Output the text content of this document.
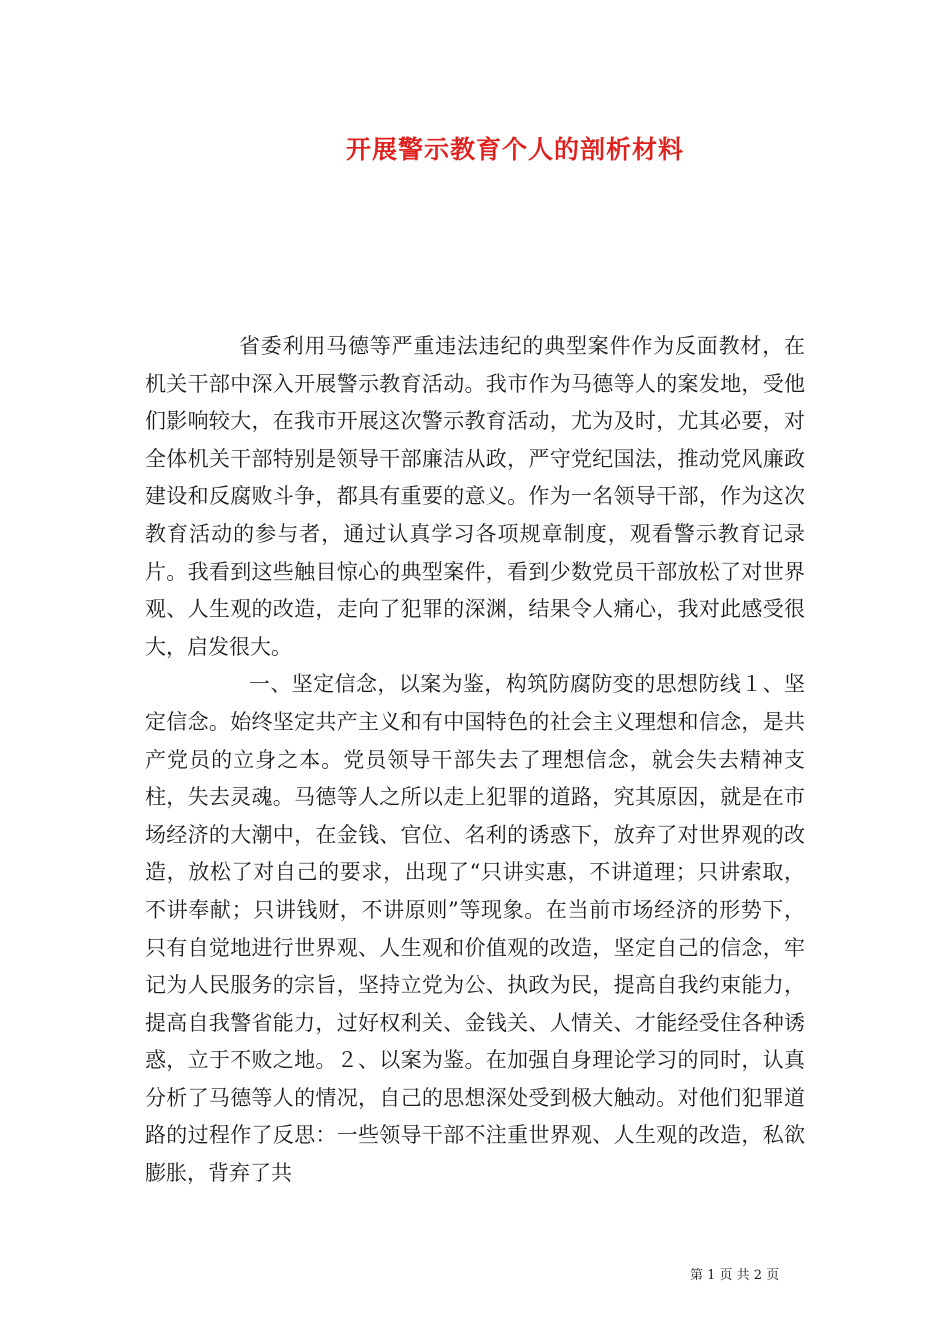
开展警示教育个人的剖析材料

省委利用马德等严重违法违纪的典型案件作为反面教材，在机关干部中深入开展警示教育活动。我市作为马德等人的案发地，受他们影响较大，在我市开展这次警示教育活动，尤为及时，尤其必要，对全体机关干部特别是领导干部廉洁从政，严守党纪国法，推动党风廉政建设和反腐败斗争，都具有重要的意义。作为一名领导干部，作为这次教育活动的参与者，通过认真学习各项规章制度，观看警示教育记录片。我看到这些触目惊心的典型案件，看到少数党员干部放松了对世界观、人生观的改造，走向了犯罪的深渊，结果令人痛心，我对此感受很大，启发很大。

一、坚定信念，以案为鉴，构筑防腐防变的思想防线１、坚定信念。始终坚定共产主义和有中国特色的社会主义理想和信念，是共产党员的立身之本。党员领导干部失去了理想信念，就会失去精神支柱，失去灵魂。马德等人之所以走上犯罪的道路，究其原因，就是在市场经济的大潮中，在金钱、官位、名利的诱惑下，放弃了对世界观的改造，放松了对自己的要求，出现了“只讲实惠，不讲道理；只讲索取，不讲奉献；只讲钱财，不讲原则”等现象。在当前市场经济的形势下，只有自觉地进行世界观、人生观和价值观的改造，坚定自己的信念，牢记为人民服务的宗旨，坚持立党为公、执政为民，提高自我约束能力，提高自我警省能力，过好权利关、金钱关、人情关、才能经受住各种诱惑，立于不败之地。２、以案为鉴。在加强自身理论学习的同时，认真分析了马德等人的情况，自己的思想深处受到极大触动。对他们犯罪道路的过程作了反思：一些领导干部不注重世界观、人生观的改造，私欲膨胀，背弃了共

第 1 页 共 2 页
